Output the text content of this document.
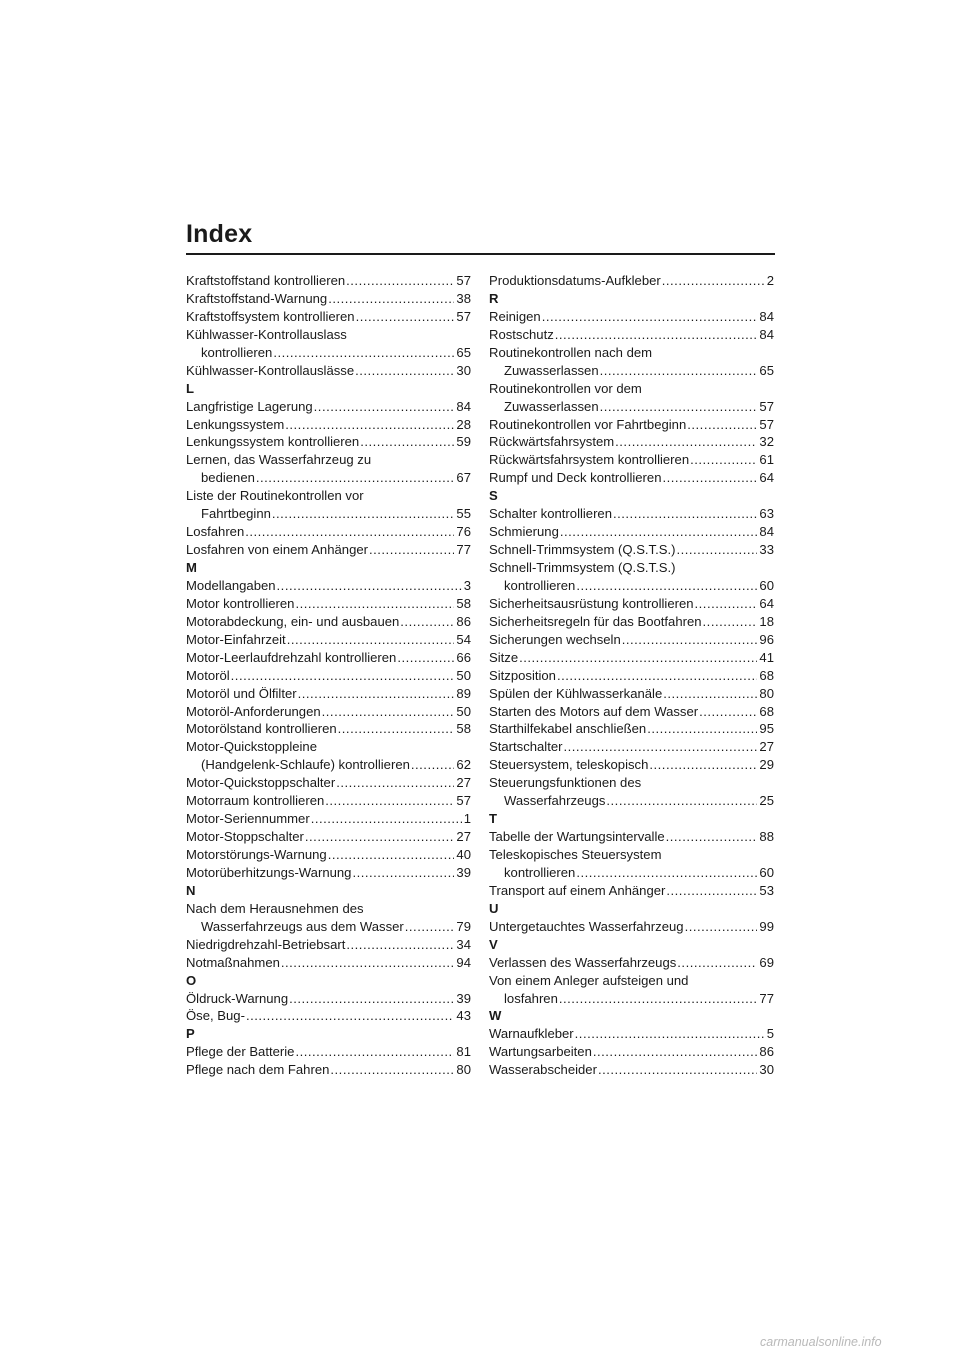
Index
Kraftstoffstand kontrollieren .....	57
Kraftstoffstand-Warnung .....	38
Kraftstoffsystem kontrollieren .....	57
Kühlwasser-Kontrollauslass
kontrollieren .....	65
Kühlwasser-Kontrollauslässe .....	30
L
Langfristige Lagerung .....	84
Lenkungssystem .....	28
Lenkungssystem kontrollieren .....	59
Lernen, das Wasserfahrzeug zu
bedienen .....	67
Liste der Routinekontrollen vor
Fahrtbeginn .....	55
Losfahren .....	76
Losfahren von einem Anhänger .....	77
M
Modellangaben .....	3
Motor kontrollieren .....	58
Motorabdeckung, ein- und ausbauen .....	86
Motor-Einfahrzeit .....	54
Motor-Leerlaufdrehzahl kontrollieren .....	66
Motoröl .....	50
Motoröl und Ölfilter .....	89
Motoröl-Anforderungen .....	50
Motorölstand kontrollieren .....	58
Motor-Quickstoppleine
(Handgelenk-Schlaufe) kontrollieren .....	62
Motor-Quickstoppschalter .....	27
Motorraum kontrollieren .....	57
Motor-Seriennummer .....	1
Motor-Stoppschalter .....	27
Motorstörungs-Warnung .....	40
Motorüberhitzungs-Warnung .....	39
N
Nach dem Herausnehmen des
Wasserfahrzeugs aus dem Wasser .....	79
Niedrigdrehzahl-Betriebsart .....	34
Notmaßnahmen .....	94
O
Öldruck-Warnung .....	39
Öse, Bug- .....	43
P
Pflege der Batterie .....	81
Pflege nach dem Fahren .....	80
Produktionsdatums-Aufkleber .....	2
R
Reinigen .....	84
Rostschutz .....	84
Routinekontrollen nach dem
Zuwasserlassen .....	65
Routinekontrollen vor dem
Zuwasserlassen .....	57
Routinekontrollen vor Fahrtbeginn .....	57
Rückwärtsfahrsystem .....	32
Rückwärtsfahrsystem kontrollieren .....	61
Rumpf und Deck kontrollieren .....	64
S
Schalter kontrollieren .....	63
Schmierung .....	84
Schnell-Trimmsystem (Q.S.T.S.) .....	33
Schnell-Trimmsystem (Q.S.T.S.)
kontrollieren .....	60
Sicherheitsausrüstung kontrollieren .....	64
Sicherheitsregeln für das Bootfahren .....	18
Sicherungen wechseln .....	96
Sitze .....	41
Sitzposition .....	68
Spülen der Kühlwasserkanäle .....	80
Starten des Motors auf dem Wasser .....	68
Starthilfekabel anschließen .....	95
Startschalter .....	27
Steuersystem, teleskopisch .....	29
Steuerungsfunktionen des
Wasserfahrzeugs .....	25
T
Tabelle der Wartungsintervalle .....	88
Teleskopisches Steuersystem
kontrollieren .....	60
Transport auf einem Anhänger .....	53
U
Untergetauchtes Wasserfahrzeug .....	99
V
Verlassen des Wasserfahrzeugs .....	69
Von einem Anleger aufsteigen und
losfahren .....	77
W
Warnaufkleber .....	5
Wartungsarbeiten .....	86
Wasserabscheider .....	30
carmanualsonline.info
